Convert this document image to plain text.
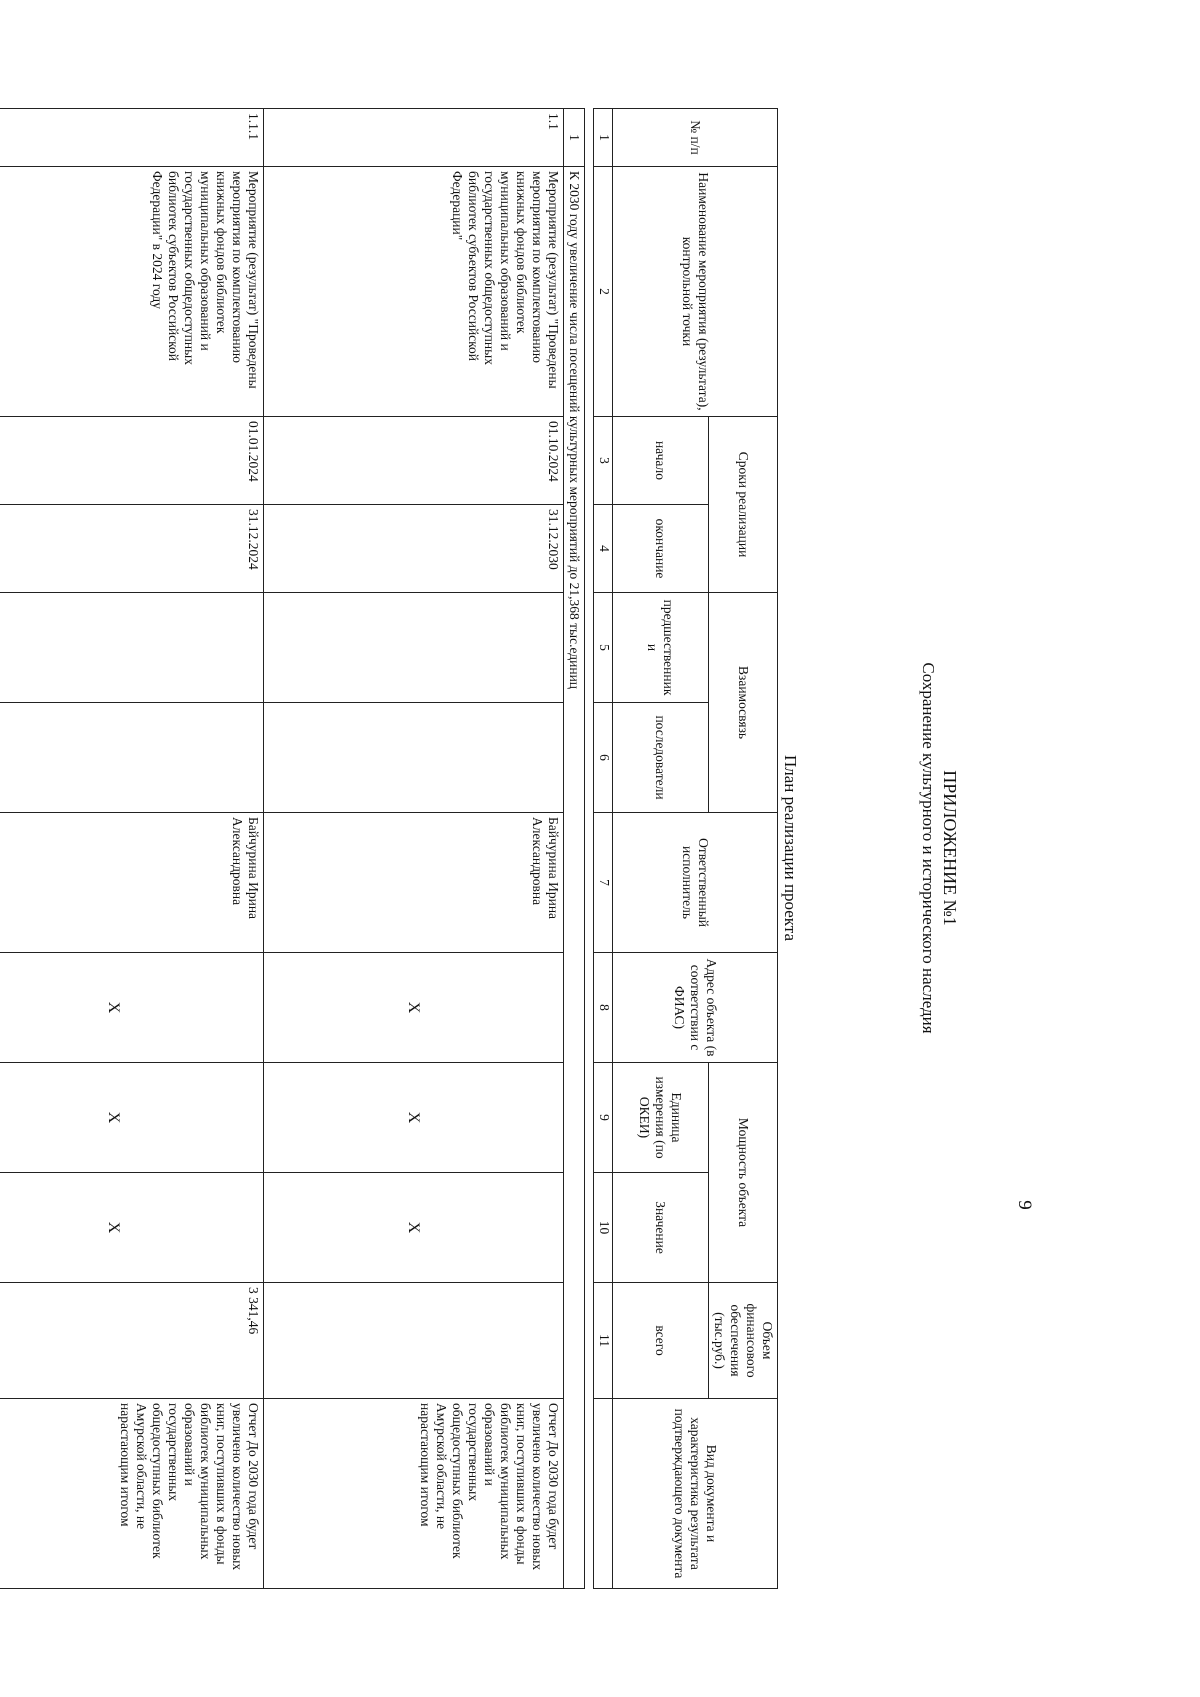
ПРИЛОЖЕНИЕ №1
Сохранение культурного и исторического наследия
План реализации проекта
№ п/п	Наименование мероприятия (результата), контрольной точки	Сроки реализации		Взаимосвязь		Ответственный исполнитель	Адрес объекта (в соответствии с ФИАС)	Мощность объекта		Объем финансового обеспечения (тыс.руб.)	Вид документа и характеристика результата подтверждающего документа
		начало	окончание	предшественники	последователи			Единица измерения (по ОКЕИ)	Значение	всего	
1	2	3	4	5	6	7	8	9	10	11	

1	К 2030 году увеличение числа посещений культурных мероприятий до 21,368 тыс.единиц										
1.1	Мероприятие (результат) "Проведены мероприятия по комплектованию книжных фондов библиотек муниципальных образований и государственных общедоступных библиотек субъектов Российской Федерации"	01.10.2024	31.12.2030			Байчурина Ирина Александровна	X	X	X		Отчет До 2030 года будет увеличено количество новых книг, поступивших в фонды библиотек муниципальных образований и государственных общедоступных библиотек Амурской области, не нарастающим итогом
1.1.1	Мероприятие (результат) "Проведены мероприятия по комплектованию книжных фондов библиотек муниципальных образований и государственных общедоступных библиотек субъектов Российской Федерации" в 2024 году	01.01.2024	31.12.2024			Байчурина Ирина Александровна	X	X	X	3 341,46	Отчет До 2030 года будет увеличено количество новых книг, поступивших в фонды библиотек муниципальных образований и государственных общедоступных библиотек Амурской области, не нарастающим итогом
9
